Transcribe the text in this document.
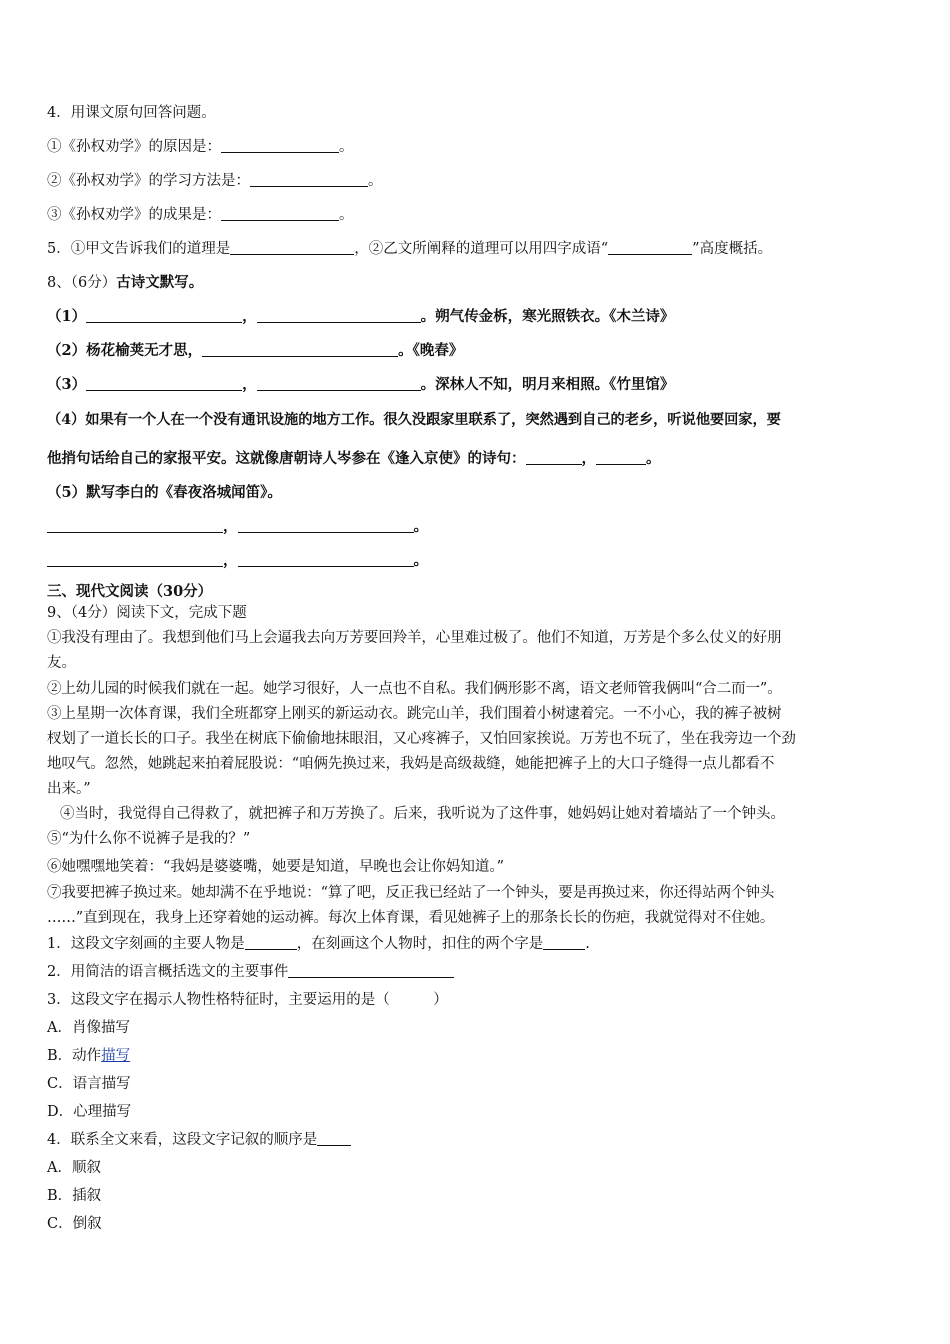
4．用课文原句回答问题。
①《孙权劝学》的原因是：	。
②《孙权劝学》的学习方法是：	。
③《孙权劝学》的成果是：	。
5．①甲文告诉我们的道理是	，②乙文所阐释的道理可以用四字成语“	”高度概括。
8、（6分）古诗文默写。
（1）	，	。朔气传金柝，寒光照铁衣。《木兰诗》
（2）杨花榆荚无才思，	。《晚春》
（3）	，	。深林人不知，明月来相照。《竹里馆》
（4）如果有一个人在一个没有通讯设施的地方工作。很久没跟家里联系了，突然遇到自己的老乡，听说他要回家，要
他捎句话给自己的家报平安。这就像唐朝诗人岑参在《逢入京使》的诗句：	，	。
（5）默写李白的《春夜洛城闻笛》。
，	。
，	。
三、现代文阅读（30分）
9、（4分）阅读下文，完成下题
①我没有理由了。我想到他们马上会逼我去向万芳要回羚羊，心里难过极了。他们不知道，万芳是个多么仗义的好朋
友。
②上幼儿园的时候我们就在一起。她学习很好，人一点也不自私。我们俩形影不离，语文老师管我俩叫“合二而一”。
③上星期一次体育课，我们全班都穿上刚买的新运动衣。跳完山羊，我们围着小树逮着完。一不小心，我的裤子被树
杈划了一道长长的口子。我坐在树底下偷偷地抹眼泪，又心疼裤子，又怕回家挨说。万芳也不玩了，坐在我旁边一个劲
地叹气。忽然，她跳起来拍着屁股说：“咱俩先换过来，我妈是高级裁缝，她能把裤子上的大口子缝得一点儿都看不
出来。”
④当时，我觉得自己得救了，就把裤子和万芳换了。后来，我听说为了这件事，她妈妈让她对着墙站了一个钟头。
⑤“为什么你不说裤子是我的？”
⑥她嘿嘿地笑着：“我妈是婆婆嘴，她要是知道，早晚也会让你妈知道。”
⑦我要把裤子换过来。她却满不在乎地说：“算了吧，反正我已经站了一个钟头，要是再换过来，你还得站两个钟头
……”直到现在，我身上还穿着她的运动裤。每次上体育课，看见她裤子上的那条长长的伤疤，我就觉得对不住她。
1．这段文字刻画的主要人物是	，在刻画这个人物时，扣住的两个字是	.
2．用简洁的语言概括选文的主要事件
3．这段文字在揭示人物性格特征时，主要运用的是（　　　）
A．肖像描写
B．动作描写
C．语言描写
D．心理描写
4．联系全文来看，这段文字记叙的顺序是
A．顺叙
B．插叙
C．倒叙
